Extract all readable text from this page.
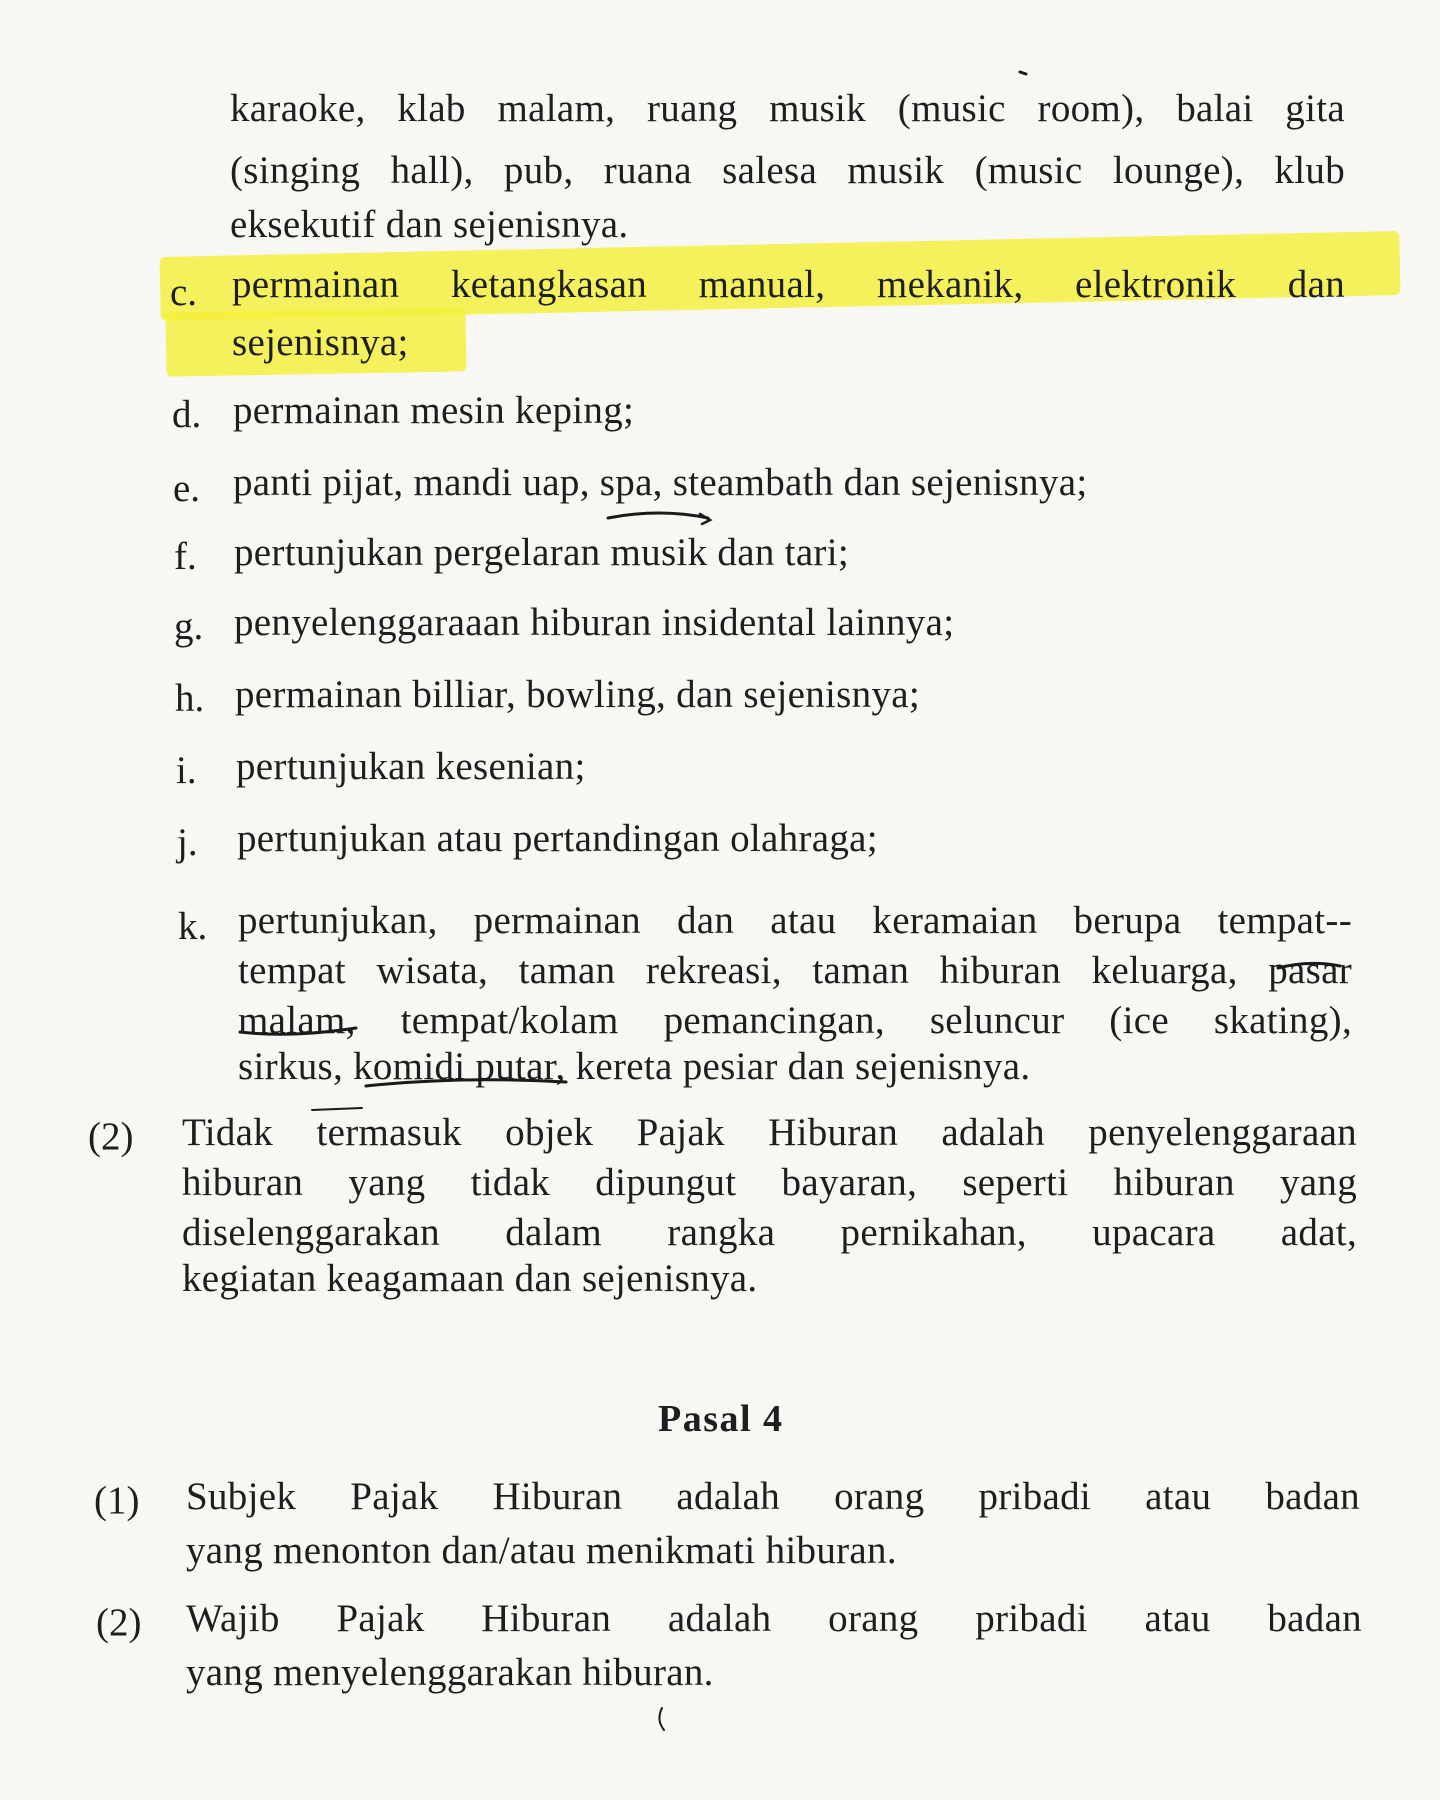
karaoke, klab malam, ruang musik (music room), balai gita
(singing hall), pub, ruana salesa musik (music lounge), klub
eksekutif dan sejenisnya.
c. permainan ketangkasan manual, mekanik, elektronik dan
sejenisnya;
d. permainan mesin keping;
e. panti pijat, mandi uap, spa, steambath dan sejenisnya;
f. pertunjukan pergelaran musik dan tari;
g. penyelenggaraaan hiburan insidental lainnya;
h. permainan billiar, bowling, dan sejenisnya;
i. pertunjukan kesenian;
j. pertunjukan atau pertandingan olahraga;
k. pertunjukan, permainan dan atau keramaian berupa tempat--
tempat wisata, taman rekreasi, taman hiburan keluarga, pasar
malam, tempat/kolam pemancingan, seluncur (ice skating),
sirkus, komidi putar, kereta pesiar dan sejenisnya.
(2) Tidak termasuk objek Pajak Hiburan adalah penyelenggaraan
hiburan yang tidak dipungut bayaran, seperti hiburan yang
diselenggarakan dalam rangka pernikahan, upacara adat,
kegiatan keagamaan dan sejenisnya.
Pasal 4
(1) Subjek Pajak Hiburan adalah orang pribadi atau badan
yang menonton dan/atau menikmati hiburan.
(2) Wajib Pajak Hiburan adalah orang pribadi atau badan
yang menyelenggarakan hiburan.
